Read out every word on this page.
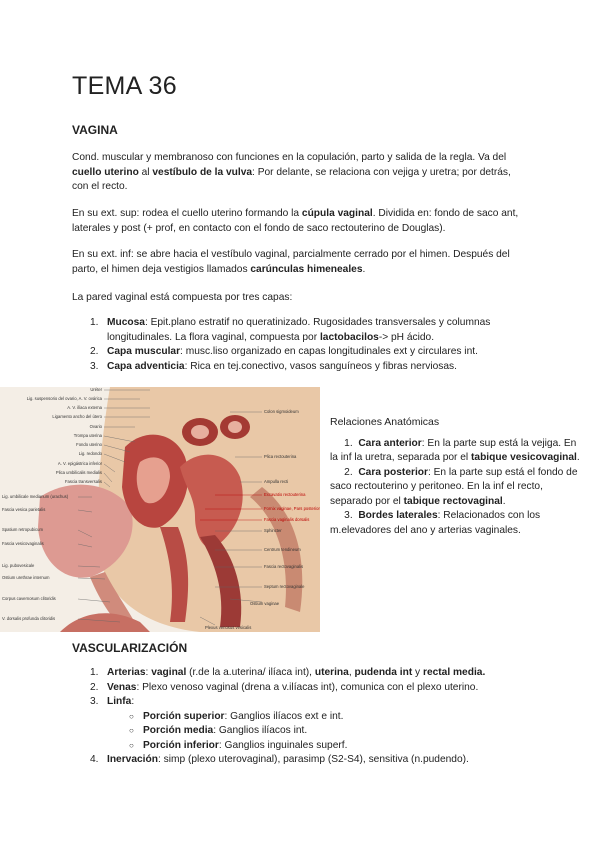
TEMA 36
VAGINA

Cond. muscular y membranoso con funciones en la copulación, parto y salida de la regla. Va del cuello uterino al vestíbulo de la vulva: Por delante, se relaciona con vejiga y uretra; por detrás, con el recto.

En su ext. sup: rodea el cuello uterino formando la cúpula vaginal. Dividida en: fondo de saco ant, laterales y post (+ prof, en contacto con el fondo de saco rectouterino de Douglas).

En su ext. inf: se abre hacia el vestíbulo vaginal, parcialmente cerrado por el himen. Después del parto, el himen deja vestigios llamados carúnculas himeneales.

La pared vaginal está compuesta por tres capas:

1. Mucosa: Epit.plano estratif no queratinizado. Rugosidades transversales y columnas longitudinales. La flora vaginal, compuesta por lactobacilos-> pH ácido.
2. Capa muscular: musc.liso organizado en capas longitudinales ext y circulares int.
3. Capa adventicia: Rica en tej.conectivo, vasos sanguíneos y fibras nerviosas.
Uréter
Lig. suspensorio del ovario, A. V. ovárica
A. V. ilíaca externa
Ligamento ancho del útero
Ovario
Trompa uterina
Fondo uterino
Lig. redondo
A. V. epigástrica inferior
Plica umbilicalis medialis
Fascia transversalis
Lig. umbilicale medianum (urachus)
Fascia vesica parietalis
Spatium retropubicum
Fascia vesicovaginalis
Lig. pubovesicale
Ostium urethrae internum
Corpus cavernosum clitoridis
V. dorsalis profunda clitoridis
Colon sigmoideum
Plica rectouterina
Ampulla recti
Excavatio rectouterina
Fornix vaginae, Pars posterior
Fascia vaginalis dorsalis
Sphincter
Centrum tendineum
Fascia rectovaginalis
Septum rectovaginale
Ostium vaginae
Plexus venosus vesicalis

Relaciones Anatómicas

1. Cara anterior: En la parte sup está la vejiga. En la inf la uretra, separada por el tabique vesicovaginal.

2. Cara posterior: En la parte sup está el fondo de saco rectouterino y peritoneo. En la inf el recto, separado por el tabique rectovaginal.

3. Bordes laterales: Relacionados con los m.elevadores del ano y arterias vaginales.

VASCULARIZACIÓN
1. Arterias: vaginal (r.de la a.uterina/ ilíaca int), uterina, pudenda int y rectal media.
2. Venas: Plexo venoso vaginal (drena a v.ilíacas int), comunica con el plexo uterino.
3. Linfa:
○ Porción superior: Ganglios ilíacos ext e int.
○ Porción media: Ganglios ilíacos int.
○ Porción inferior: Ganglios inguinales superf.
4. Inervación: simp (plexo uterovaginal), parasimp (S2-S4), sensitiva (n.pudendo).
